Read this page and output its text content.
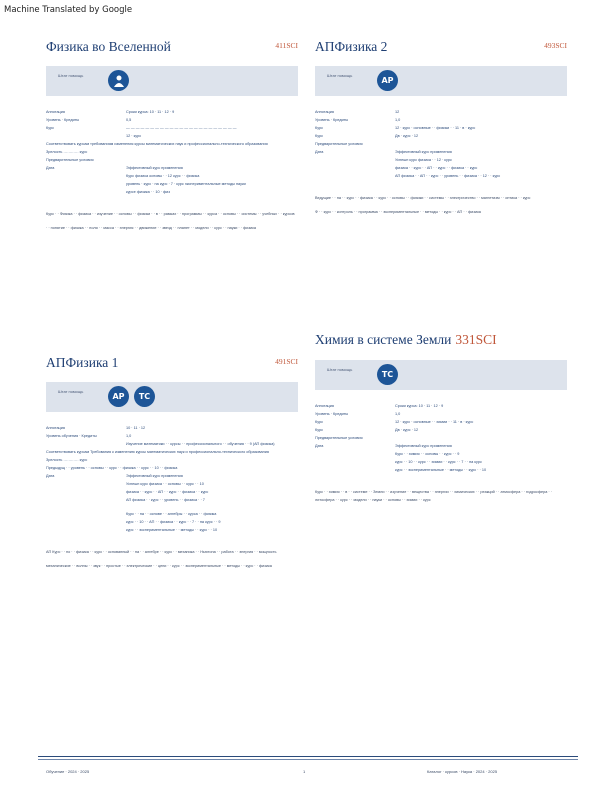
Machine Translated by Google
Физика во Вселенной	411SCI
Штат помощь
Аннотация	Сроки курса: 10 · 11 · 12 · 9
Уровень · Кредиты	0,5
Курс	— — — — — — — — — — — — — — — — — — — — — — —
12 · курс
Соответствовать курсам требованиям изменения курсы математических наук и профессионально-технического образования
Зрелость ………… курс
Предварительные условия
Дата	Эффективный курс применения
Курс физика основы · · 12 курс · · физика
уровень · курс · на курс · 7 · курс экспериментальные методы науки
курсе физика · · 10 · физ

Курс · · Физика · · физика · · изучение · · основы · · физики · · в · · рамках · · программы · · курса · · основы · · системы · · учебных · · курсов

· · понятие · · физика · · поля · · масса · · энергия · · движение · · звезд · · планет · · модели · · курс · · науки · · физика

АПФизика 2	493SCI
Штат помощь
АР
Аннотация	12
Уровень · Кредиты	1,0
Курс	12 · курс · основные · · физики · · 11 · в · курс
Курс	Дв · курс · 12
Предварительные условия
Дата	Эффективный курс применения
Успешн курс физика · · 12 · курс
физика · · курс · · АП · · курс · · физика · · курс
АП физика · · АП · · курс · · уровень · · физика · · 12 · · курс

Ведущие · · на · · курс · · физика · · курс · · основы · · физики · · системы · · электричество · · магнетизм · · оптика · · курс

Ф · · курс · · контроль · · программа · · экспериментальные · · методы · · курс · · АП · · физика

АПФизика 1	491SCI
Штат помощь
АР	ТС
Аннотация	10 · 11 · 12
Уровень обучения · Кредиты	1,0
Изучение математики · · курсы · · профессионального · · обучения · · 9 (АП физика)
Соответствовать курсам Требования к изменению курсы математических наук и профессионально-технического образования
Зрелость ………… курс
Предыдущ · · уровень · · основы · · курс · · физика · · курс · · 10 · · физика
Дата	Эффективный курс применения
Успешн курс физика · · основы · · курс · · 10
физика · · курс · · АП · · курс · · физика · · курс
АП физика · · курс · · уровень · · физика · · 7
Курс · · на · · основе · · алгебры · · курса · · физика
курс · · 10 · · АП · · физика · · курс · · 7 · · на курс · · 9
курс · · экспериментальные · · методы · · курс · · 10

АП Курс · · по · · физика · · курс · · основанный · · на · · алгебре · · курс · · механика · · Ньютона · · работа · · энергия · · мощность

механические · · волны · · звук · · простые · · электрические · · цепи · · курс · · экспериментальные · · методы · · курс · · физика

Химия в системе Земли 331SCI
Штат помощь
ТС
Аннотация	Сроки курса: 10 · 11 · 12 · 9
Уровень · Кредиты	1,0
Курс	12 · курс · основные · · химии · · 11 · в · курс
Курс	Дв · курс · 12
Предварительные условия
Дата	Эффективный курс применения
Курс · · химия · · основы · · курс · · 9
курс · · 10 · · курс · · химии · · курс · · 7 · · на курс
курс · · экспериментальные · · методы · · курс · · 10

Курс · · химия · · в · · системе · · Земли · · изучение · · вещества · · энергии · · химических · · реакций · · атмосфера · · гидросфера · · литосфера · · курс · · модели · · науки · · основы · · химии · · курс

Обучение · 2024 · 2025	1	Каталог · курсов · Наука · 2024 · 2025
